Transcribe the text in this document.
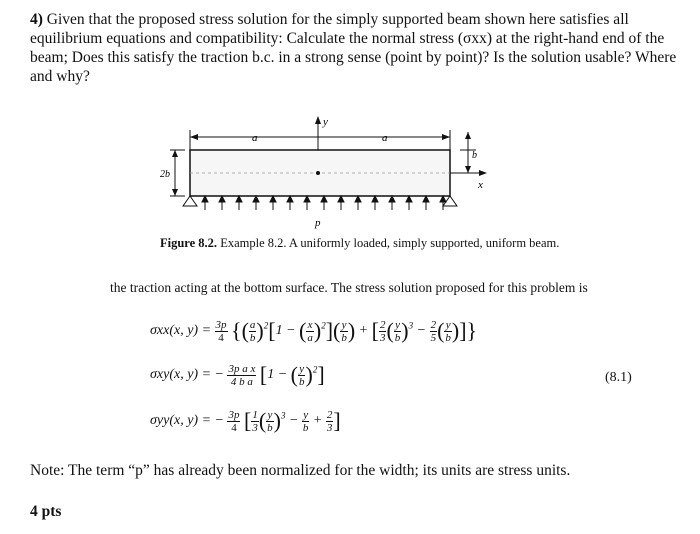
4) Given that the proposed stress solution for the simply supported beam shown here satisfies all equilibrium equations and compatibility: Calculate the normal stress (σxx) at the right-hand end of the beam; Does this satisfy the traction b.c. in a strong sense (point by point)? Is the solution usable? Where and why?
a	a
y
2b
b
x
p
Figure 8.2. Example 8.2. A uniformly loaded, simply supported, uniform beam.
the traction acting at the bottom surface. The stress solution proposed for this problem is
σxx(x, $y) = \frac{3p}{4}$ {( $\frac{a}{b} )^2[1$ − ( $\frac{x}{a} )^2]( \frac{y}{b}$ ) + [ $\frac{2}{3}$ ( $\frac{y}{b} )^3 - \frac{2}{5}$ ( $\frac{y}{b}$ )]}
σxy(x, y) = − $\frac{\text{3p a x}}{\text{4 b a}} [1$ − ( $\frac{y}{b} )^2$]
σyy(x, y) = − $\frac{3p}{4}$ [ $\frac{1}{3}$ ( $\frac{y}{b} )^3 - \frac{y}{b} + \frac{2}{3}$ ]
(8.1)
Note: The term “p” has already been normalized for the width; its units are stress units.
4 pts
